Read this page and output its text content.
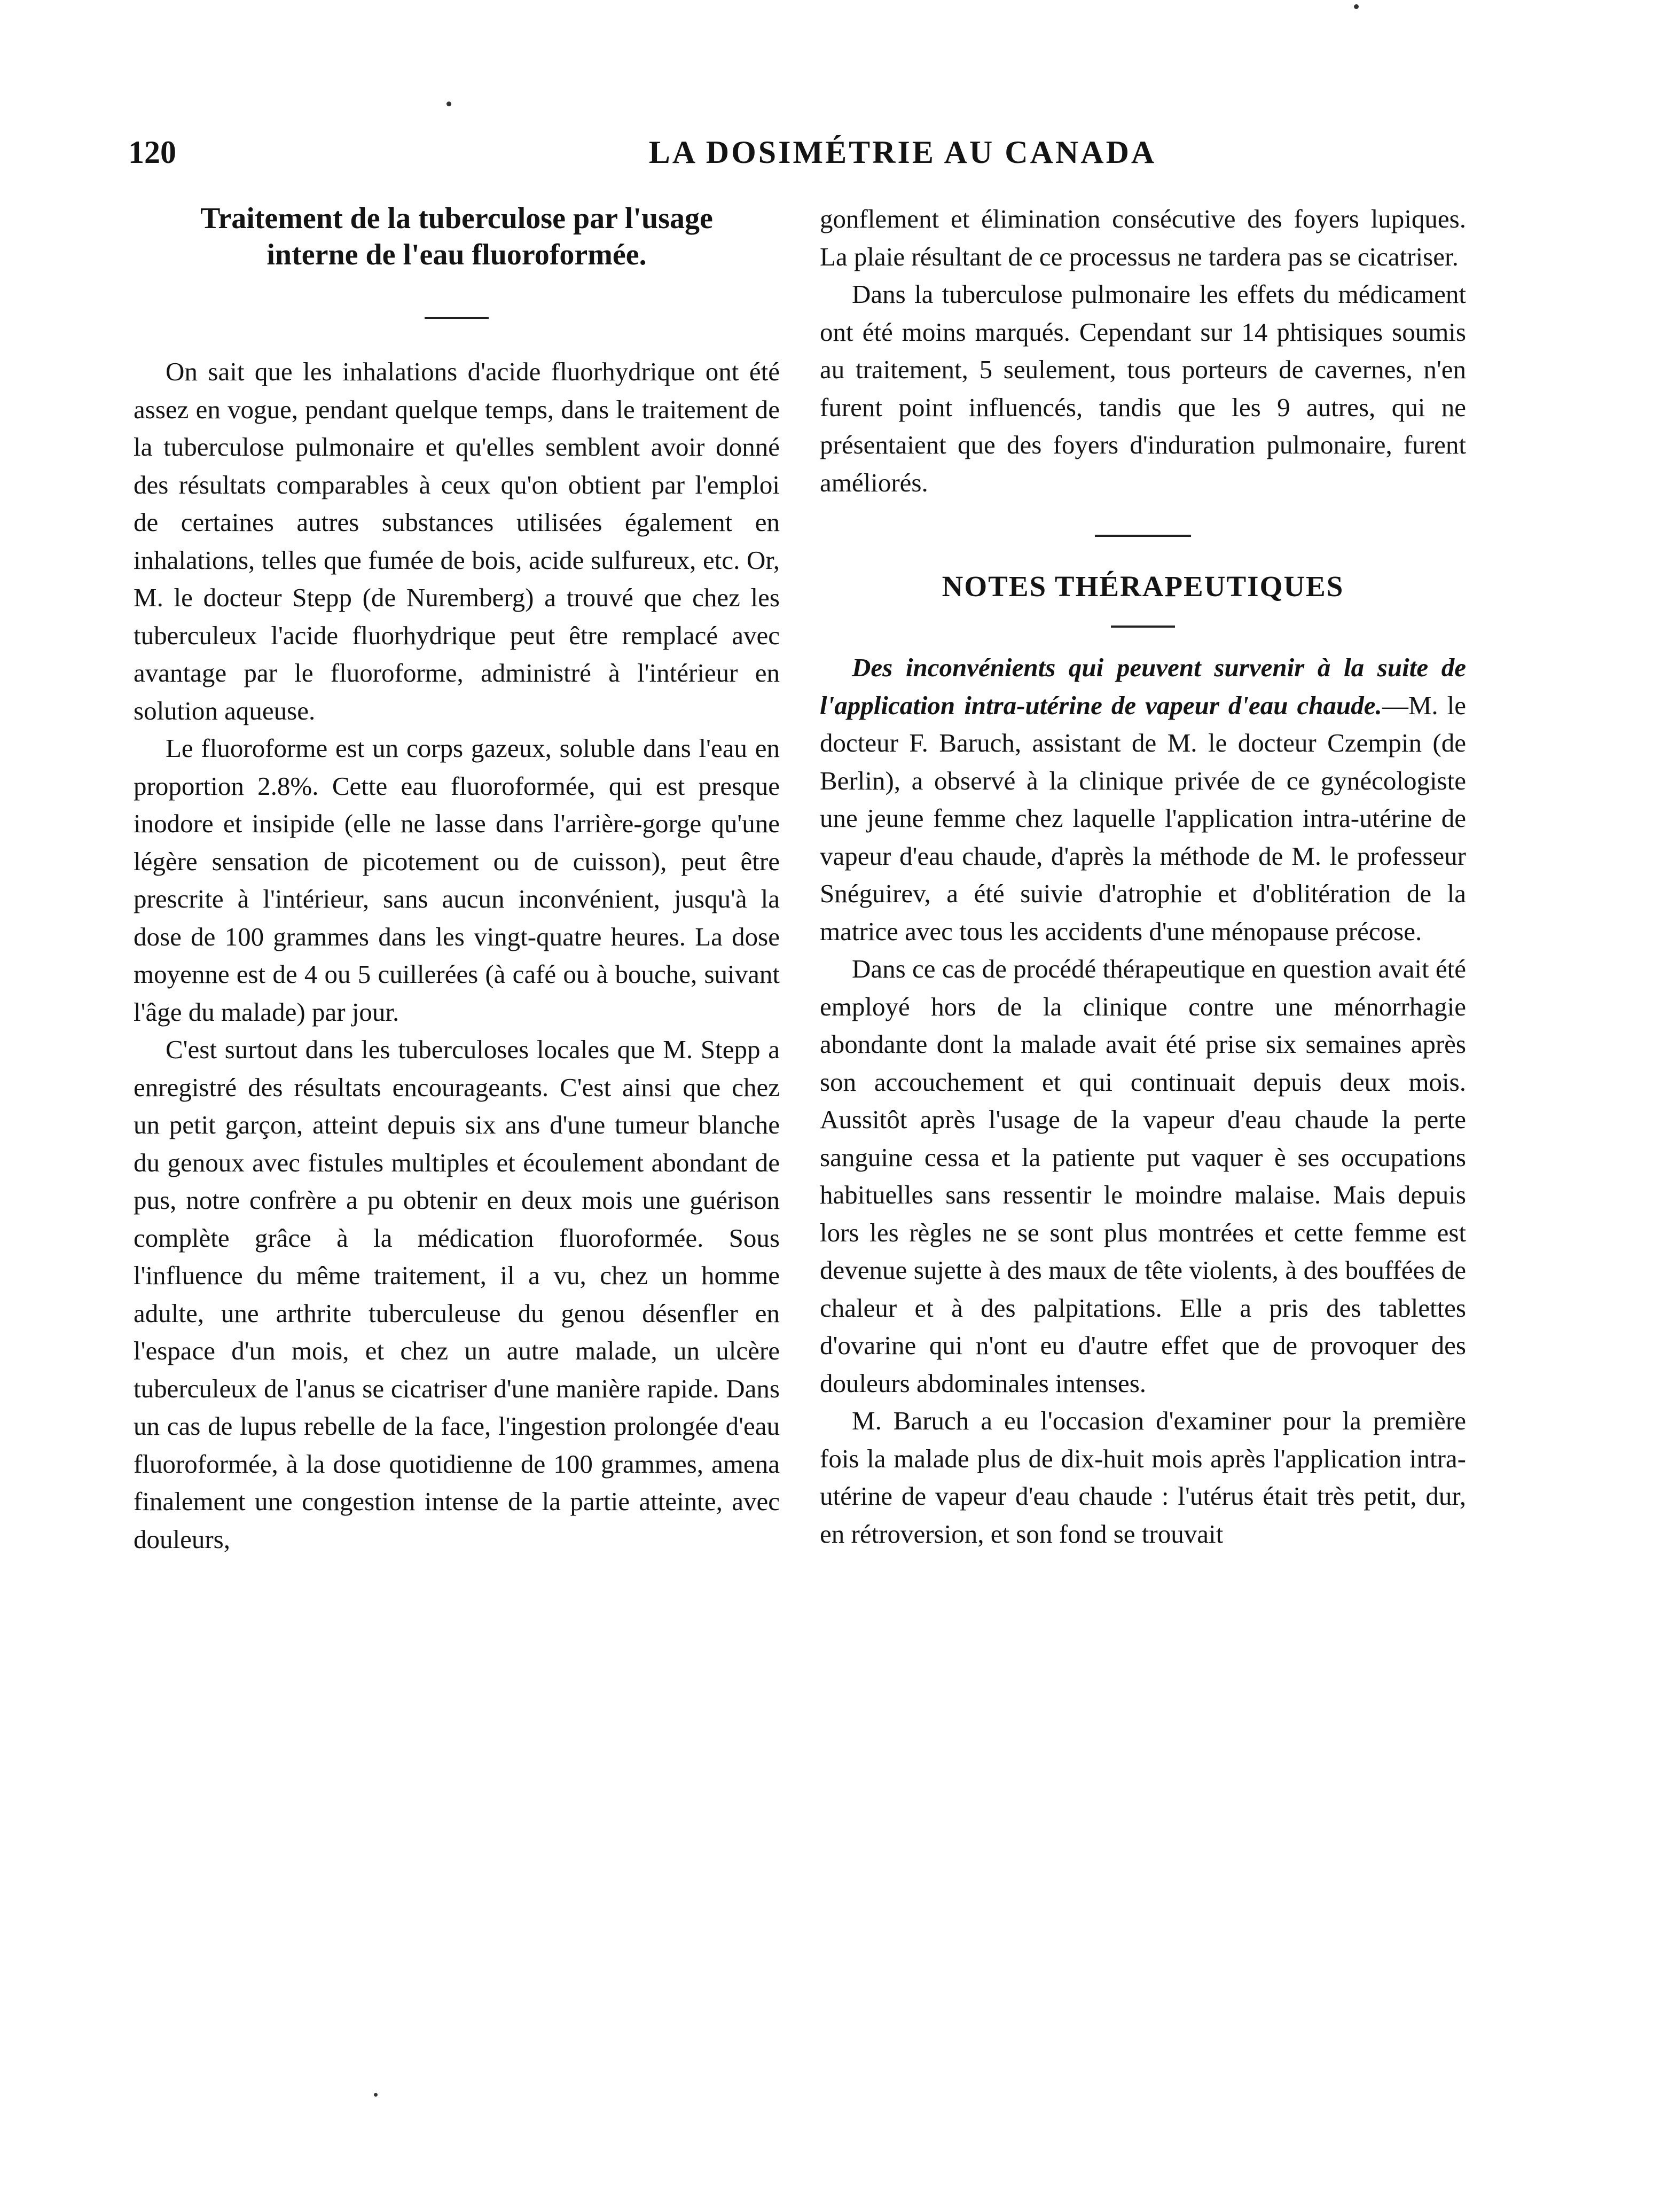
120	LA DOSIMÉTRIE AU CANADA
Traitement de la tuberculose par l'usage interne de l'eau fluoroformée.

On sait que les inhalations d'acide fluorhydrique ont été assez en vogue, pendant quelque temps, dans le traitement de la tuberculose pulmonaire et qu'elles semblent avoir donné des résultats comparables à ceux qu'on obtient par l'emploi de certaines autres substances utilisées également en inhalations, telles que fumée de bois, acide sulfureux, etc. Or, M. le docteur Stepp (de Nuremberg) a trouvé que chez les tuberculeux l'acide fluorhydrique peut être remplacé avec avantage par le fluoroforme, administré à l'intérieur en solution aqueuse.

Le fluoroforme est un corps gazeux, soluble dans l'eau en proportion 2.8%. Cette eau fluoroformée, qui est presque inodore et insipide (elle ne lasse dans l'arrière-gorge qu'une légère sensation de picotement ou de cuisson), peut être prescrite à l'intérieur, sans aucun inconvénient, jusqu'à la dose de 100 grammes dans les vingt-quatre heures. La dose moyenne est de 4 ou 5 cuillerées (à café ou à bouche, suivant l'âge du malade) par jour.

C'est surtout dans les tuberculoses locales que M. Stepp a enregistré des résultats encourageants. C'est ainsi que chez un petit garçon, atteint depuis six ans d'une tumeur blanche du genoux avec fistules multiples et écoulement abondant de pus, notre confrère a pu obtenir en deux mois une guérison complète grâce à la médication fluoroformée. Sous l'influence du même traitement, il a vu, chez un homme adulte, une arthrite tuberculeuse du genou désenfler en l'espace d'un mois, et chez un autre malade, un ulcère tuberculeux de l'anus se cicatriser d'une manière rapide. Dans un cas de lupus rebelle de la face, l'ingestion prolongée d'eau fluoroformée, à la dose quotidienne de 100 grammes, amena finalement une congestion intense de la partie atteinte, avec douleurs,

gonflement et élimination consécutive des foyers lupiques. La plaie résultant de ce processus ne tardera pas se cicatriser.

Dans la tuberculose pulmonaire les effets du médicament ont été moins marqués. Cependant sur 14 phtisiques soumis au traitement, 5 seulement, tous porteurs de cavernes, n'en furent point influencés, tandis que les 9 autres, qui ne présentaient que des foyers d'induration pulmonaire, furent améliorés.

NOTES THÉRAPEUTIQUES

Des inconvénients qui peuvent survenir à la suite de l'application intra-utérine de vapeur d'eau chaude.—M. le docteur F. Baruch, assistant de M. le docteur Czempin (de Berlin), a observé à la clinique privée de ce gynécologiste une jeune femme chez laquelle l'application intra-utérine de vapeur d'eau chaude, d'après la méthode de M. le professeur Snéguirev, a été suivie d'atrophie et d'oblitération de la matrice avec tous les accidents d'une ménopause précose.

Dans ce cas de procédé thérapeutique en question avait été employé hors de la clinique contre une ménorrhagie abondante dont la malade avait été prise six semaines après son accouchement et qui continuait depuis deux mois. Aussitôt après l'usage de la vapeur d'eau chaude la perte sanguine cessa et la patiente put vaquer è ses occupations habituelles sans ressentir le moindre malaise. Mais depuis lors les règles ne se sont plus montrées et cette femme est devenue sujette à des maux de tête violents, à des bouffées de chaleur et à des palpitations. Elle a pris des tablettes d'ovarine qui n'ont eu d'autre effet que de provoquer des douleurs abdominales intenses.

M. Baruch a eu l'occasion d'examiner pour la première fois la malade plus de dix-huit mois après l'application intra-utérine de vapeur d'eau chaude : l'utérus était très petit, dur, en rétroversion, et son fond se trouvait
